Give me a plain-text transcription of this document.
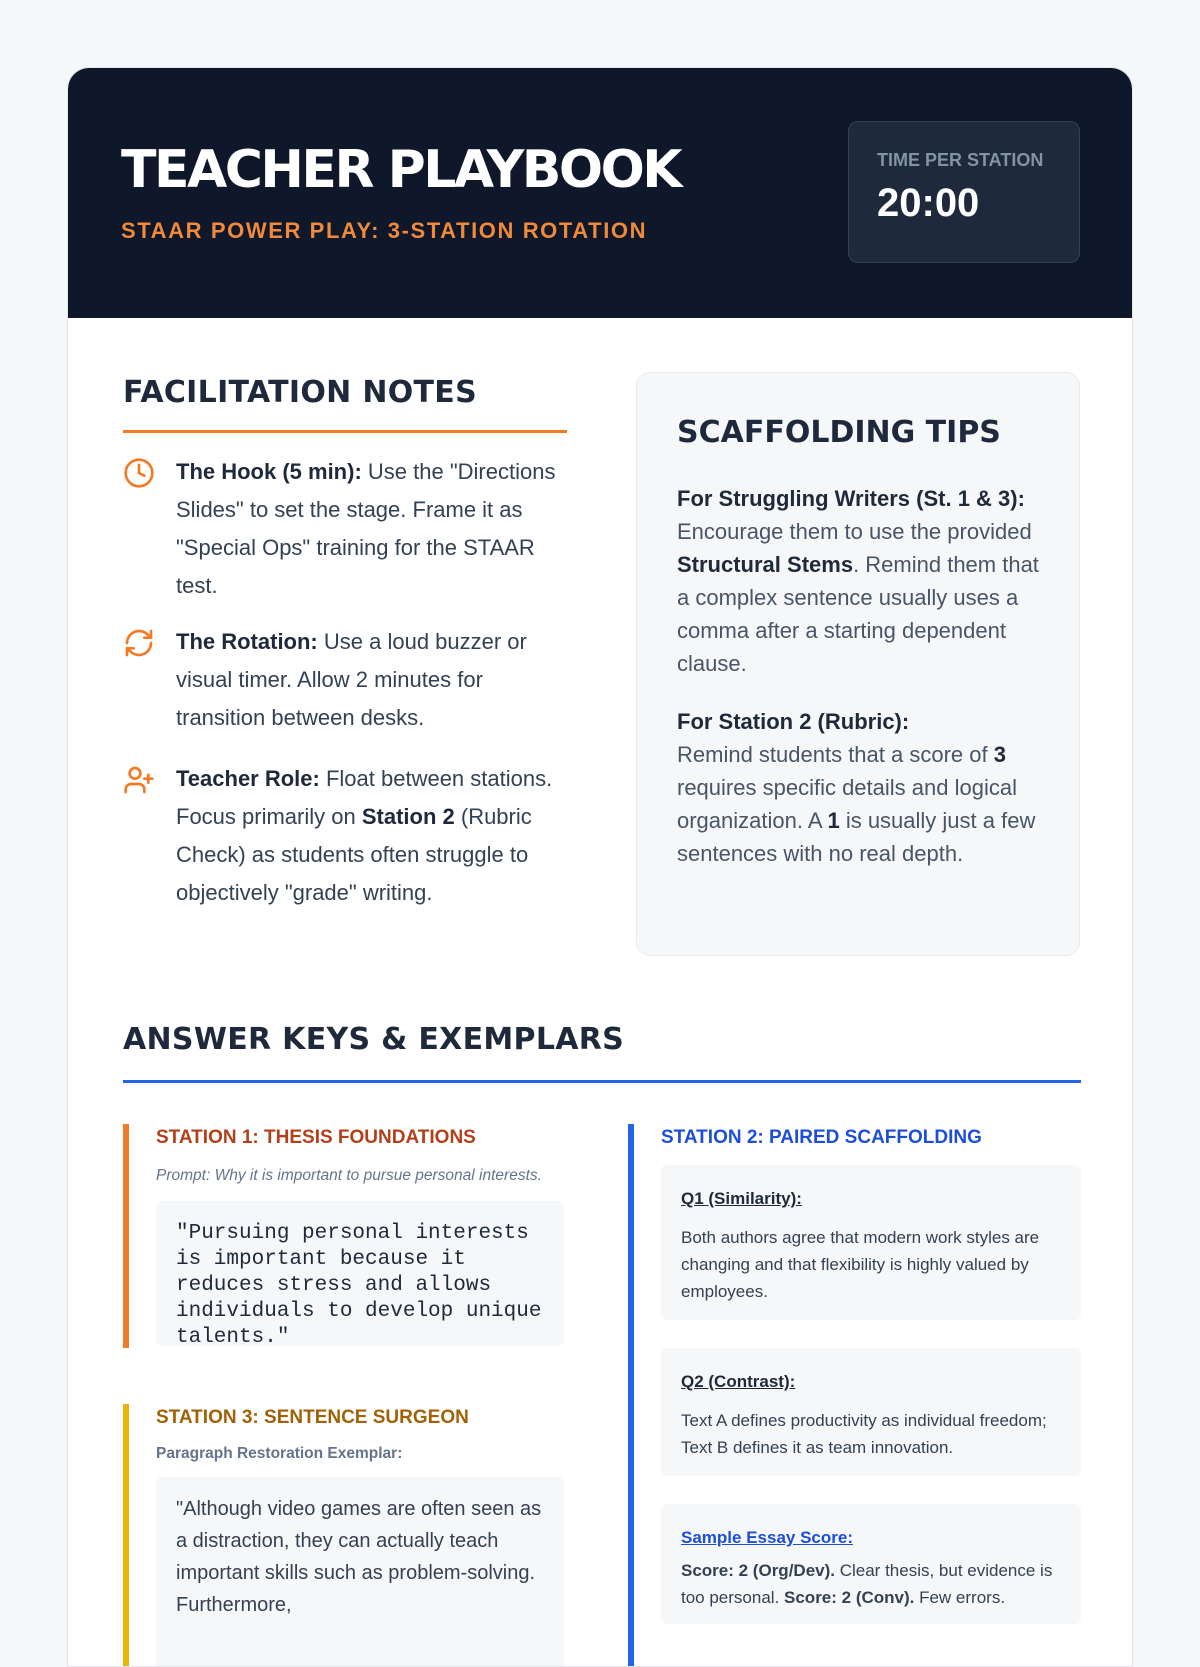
TEACHER PLAYBOOK
STAAR POWER PLAY: 3-STATION ROTATION
TIME PER STATION
20:00
FACILITATION NOTES
The Hook (5 min): Use the "Directions Slides" to set the stage. Frame it as "Special Ops" training for the STAAR test.
The Rotation: Use a loud buzzer or visual timer. Allow 2 minutes for transition between desks.
Teacher Role: Float between stations. Focus primarily on Station 2 (Rubric Check) as students often struggle to objectively "grade" writing.
SCAFFOLDING TIPS
For Struggling Writers (St. 1 & 3):
Encourage them to use the provided Structural Stems. Remind them that a complex sentence usually uses a comma after a starting dependent clause.
For Station 2 (Rubric):
Remind students that a score of 3 requires specific details and logical organization. A 1 is usually just a few sentences with no real depth.
ANSWER KEYS & EXEMPLARS
STATION 1: THESIS FOUNDATIONS
Prompt: Why it is important to pursue personal interests.
"Pursuing personal interests is important because it reduces stress and allows individuals to develop unique talents."
STATION 3: SENTENCE SURGEON
Paragraph Restoration Exemplar:
"Although video games are often seen as a distraction, they can actually teach important skills such as problem-solving. Furthermore,
STATION 2: PAIRED SCAFFOLDING
Q1 (Similarity):
Both authors agree that modern work styles are changing and that flexibility is highly valued by employees.
Q2 (Contrast):
Text A defines productivity as individual freedom; Text B defines it as team innovation.
Sample Essay Score:
Score: 2 (Org/Dev). Clear thesis, but evidence is too personal. Score: 2 (Conv). Few errors.
